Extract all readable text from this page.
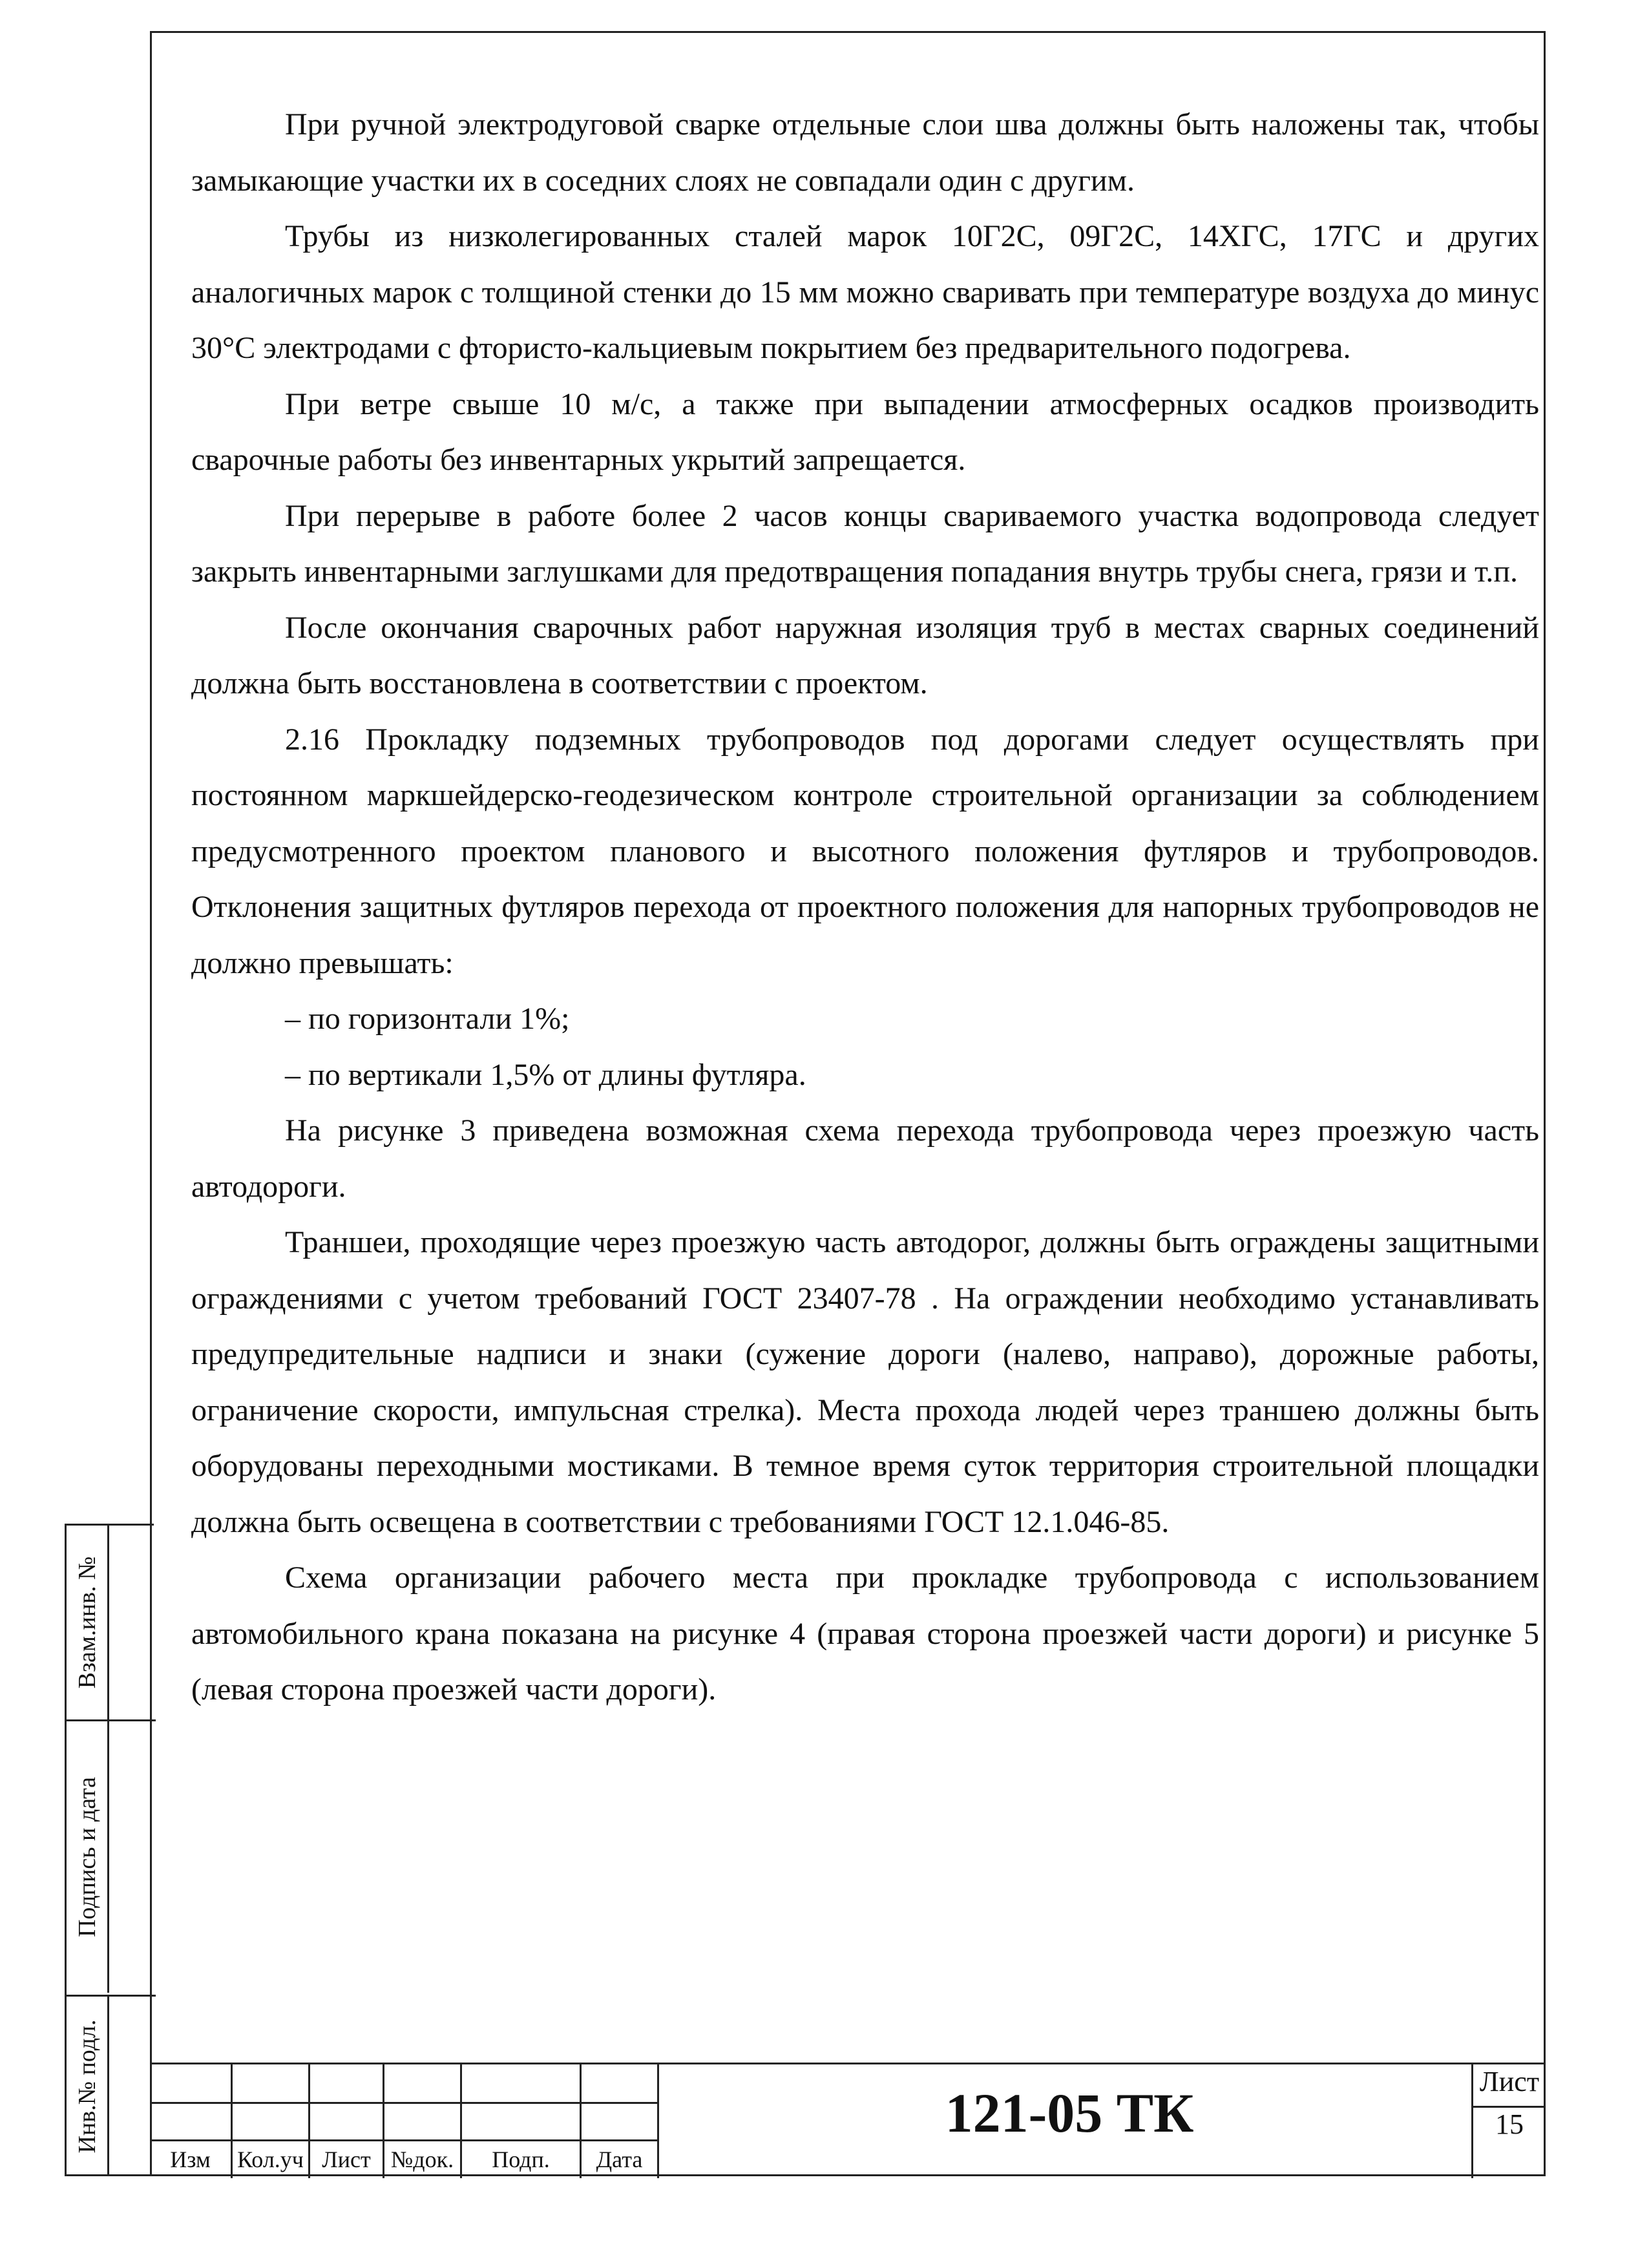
При ручной электродуговой сварке отдельные слои шва должны быть наложены так, чтобы замыкающие участки их в соседних слоях не совпадали один с другим.

Трубы из низколегированных сталей марок 10Г2С, 09Г2С, 14ХГС, 17ГС и других аналогичных марок с толщиной стенки до 15 мм можно сваривать при температуре воздуха до минус 30°С электродами с фтористо-кальциевым покрытием без предварительного подогрева.

При ветре свыше 10 м/с, а также при выпадении атмосферных осадков производить сварочные работы без инвентарных укрытий запрещается.

При перерыве в работе более 2 часов концы свариваемого участка водопровода следует закрыть инвентарными заглушками для предотвращения попадания внутрь трубы снега, грязи и т.п.

После окончания сварочных работ наружная изоляция труб в местах сварных соединений должна быть восстановлена в соответствии с проектом.

2.16 Прокладку подземных трубопроводов под дорогами следует осуществлять при постоянном маркшейдерско-геодезическом контроле строительной организации за соблюдением предусмотренного проектом планового и высотного положения футляров и трубопроводов. Отклонения защитных футляров перехода от проектного положения для напорных трубопроводов не должно превышать:

– по горизонтали 1%;

– по вертикали 1,5% от длины футляра.

На рисунке 3 приведена возможная схема перехода трубопровода через проезжую часть автодороги.

Траншеи, проходящие через проезжую часть автодорог, должны быть ограждены защитными ограждениями с учетом требований ГОСТ 23407-78 . На ограждении необходимо устанавливать предупредительные надписи и знаки (сужение дороги (налево, направо), дорожные работы, ограничение скорости, импульсная стрелка). Места прохода людей через траншею должны быть оборудованы переходными мостиками. В темное время суток территория строительной площадки должна быть освещена в соответствии с требованиями ГОСТ 12.1.046-85.

Схема организации рабочего места при прокладке трубопровода с использованием автомобильного крана показана на рисунке 4 (правая сторона проезжей части дороги) и рисунке 5 (левая сторона проезжей части дороги).

Взам.инв. №
Подпись и дата
Инв.№ подл.
Изм	Кол.уч Лист №док.	Подп.	Дата
121-05 ТК
Лист
15
